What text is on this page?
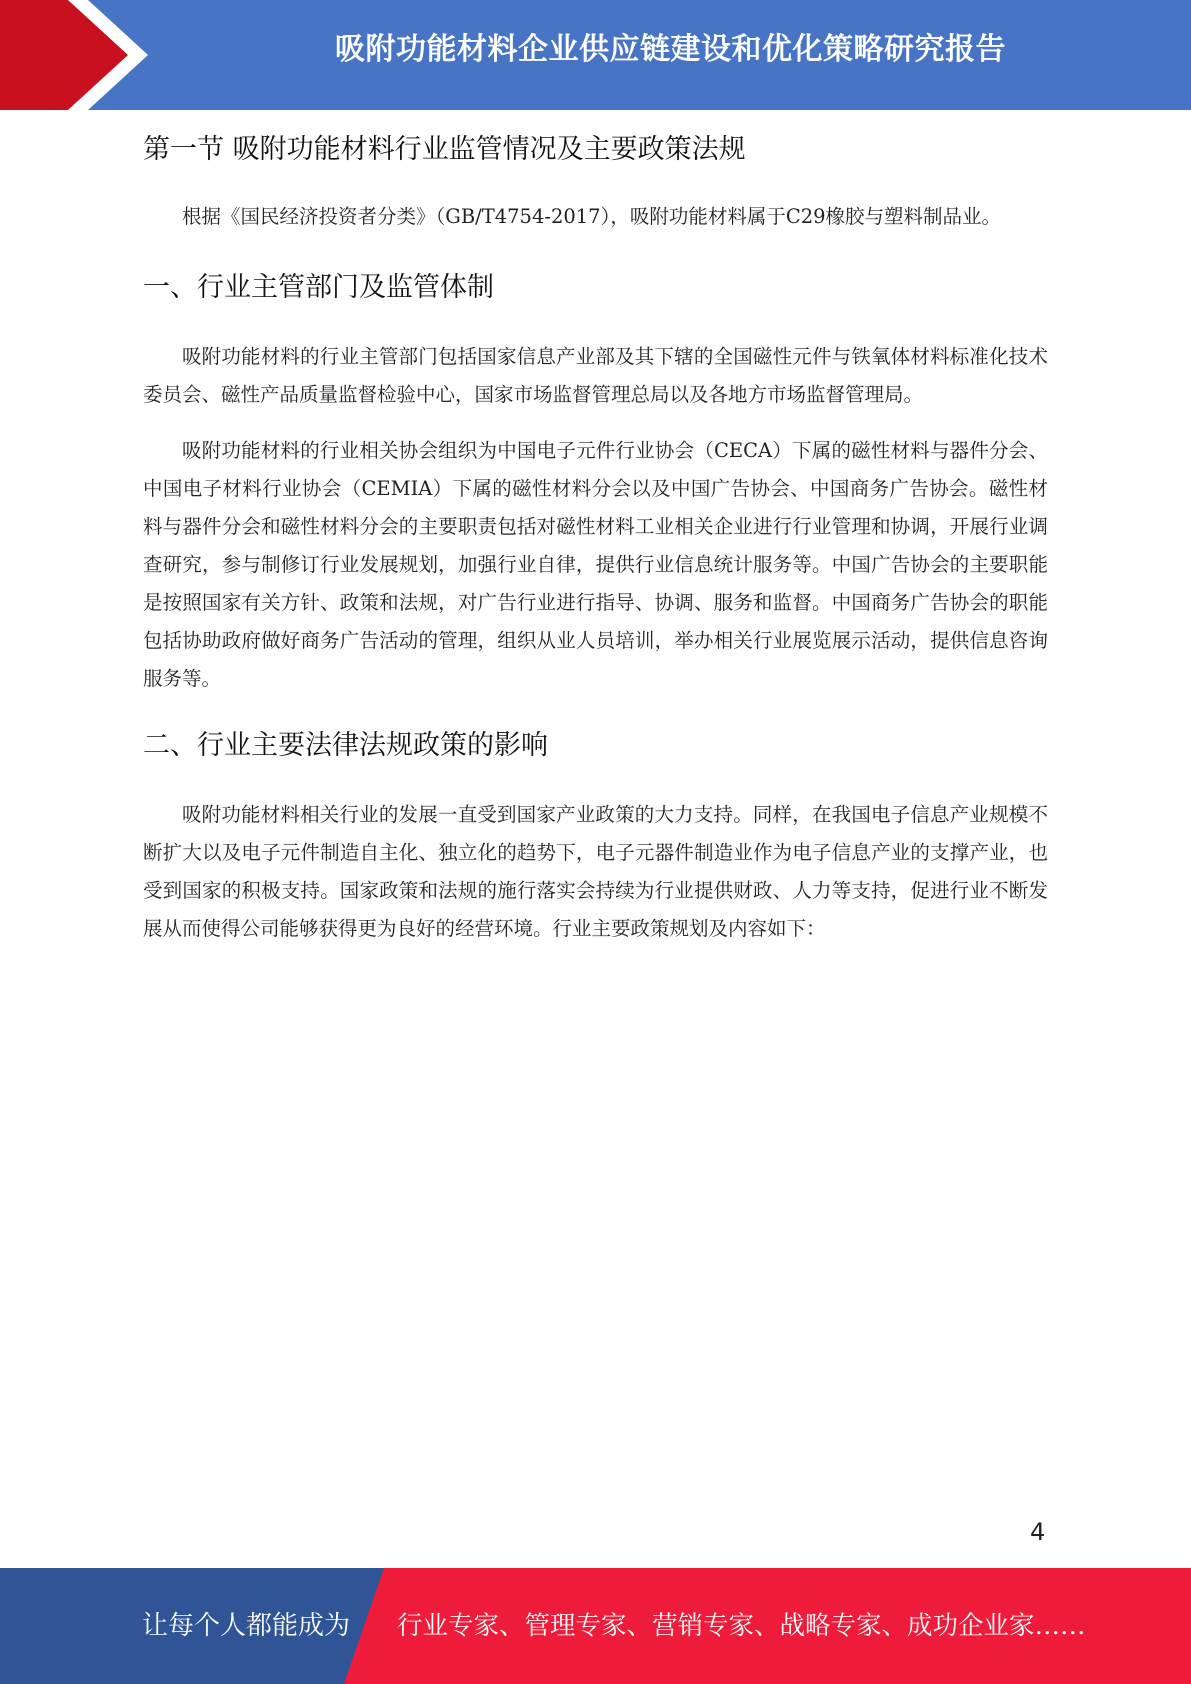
吸附功能材料企业供应链建设和优化策略研究报告
第一节 吸附功能材料行业监管情况及主要政策法规

根据《国民经济投资者分类》（GB/T4754-2017），吸附功能材料属于C29橡胶与塑料制品业。

一、行业主管部门及监管体制

吸附功能材料的行业主管部门包括国家信息产业部及其下辖的全国磁性元件与铁氧体材料标准化技术委员会、磁性产品质量监督检验中心，国家市场监督管理总局以及各地方市场监督管理局。

吸附功能材料的行业相关协会组织为中国电子元件行业协会（CECA）下属的磁性材料与器件分会、中国电子材料行业协会（CEMIA）下属的磁性材料分会以及中国广告协会、中国商务广告协会。磁性材料与器件分会和磁性材料分会的主要职责包括对磁性材料工业相关企业进行行业管理和协调，开展行业调查研究，参与制修订行业发展规划，加强行业自律，提供行业信息统计服务等。中国广告协会的主要职能是按照国家有关方针、政策和法规，对广告行业进行指导、协调、服务和监督。中国商务广告协会的职能包括协助政府做好商务广告活动的管理，组织从业人员培训，举办相关行业展览展示活动，提供信息咨询服务等。

二、行业主要法律法规政策的影响

吸附功能材料相关行业的发展一直受到国家产业政策的大力支持。同样，在我国电子信息产业规模不断扩大以及电子元件制造自主化、独立化的趋势下，电子元器件制造业作为电子信息产业的支撑产业，也受到国家的积极支持。国家政策和法规的施行落实会持续为行业提供财政、人力等支持，促进行业不断发展从而使得公司能够获得更为良好的经营环境。行业主要政策规划及内容如下：

4
让每个人都能成为 行业专家、管理专家、营销专家、战略专家、成功企业家……
